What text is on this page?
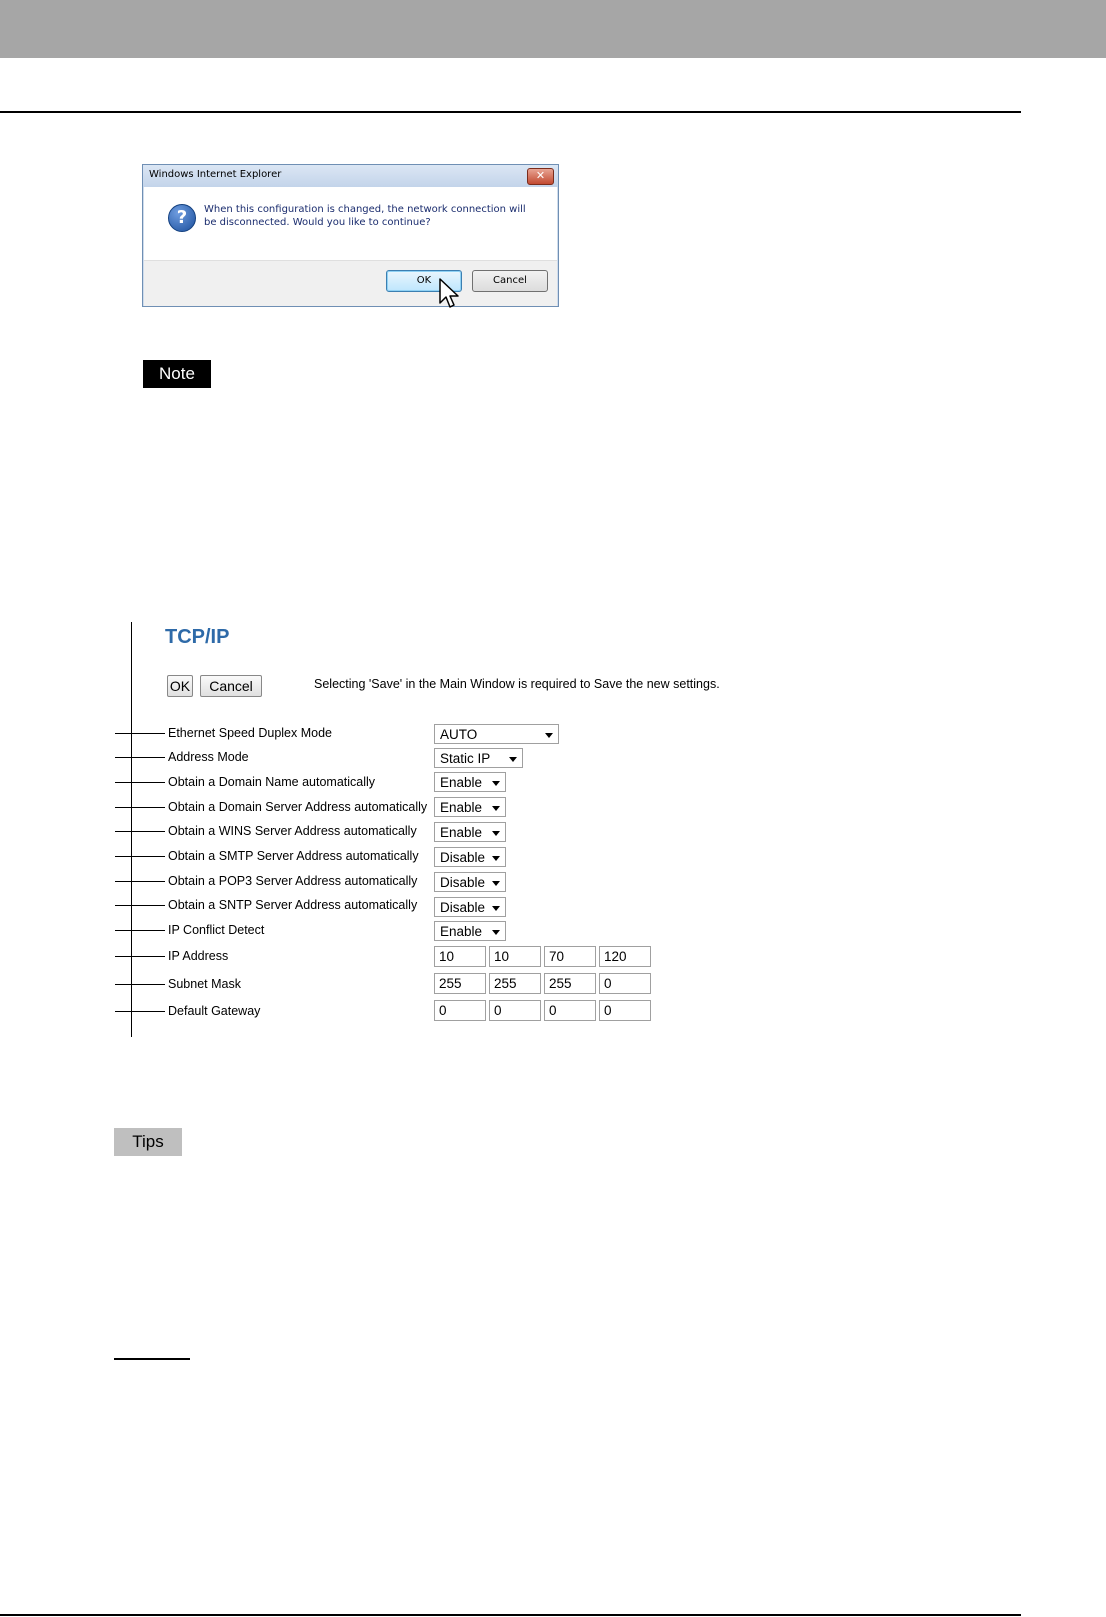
Windows Internet Explorer	✕
?	When this configuration is changed, the network connection will be disconnected. Would you like to continue?
OK	Cancel
Note
TCP/IP
OK	Cancel	Selecting 'Save' in the Main Window is required to Save the new settings.
Ethernet Speed Duplex Mode	AUTO
Address Mode	Static IP
Obtain a Domain Name automatically	Enable
Obtain a Domain Server Address automatically Enable
Obtain a WINS Server Address automatically	Enable
Obtain a SMTP Server Address automatically	Disable
Obtain a POP3 Server Address automatically	Disable
Obtain a SNTP Server Address automatically	Disable
IP Conflict Detect	Enable
IP Address	10	10	70	120
Subnet Mask	255	255	255	0
Default Gateway	0	0	0	0
Tips
